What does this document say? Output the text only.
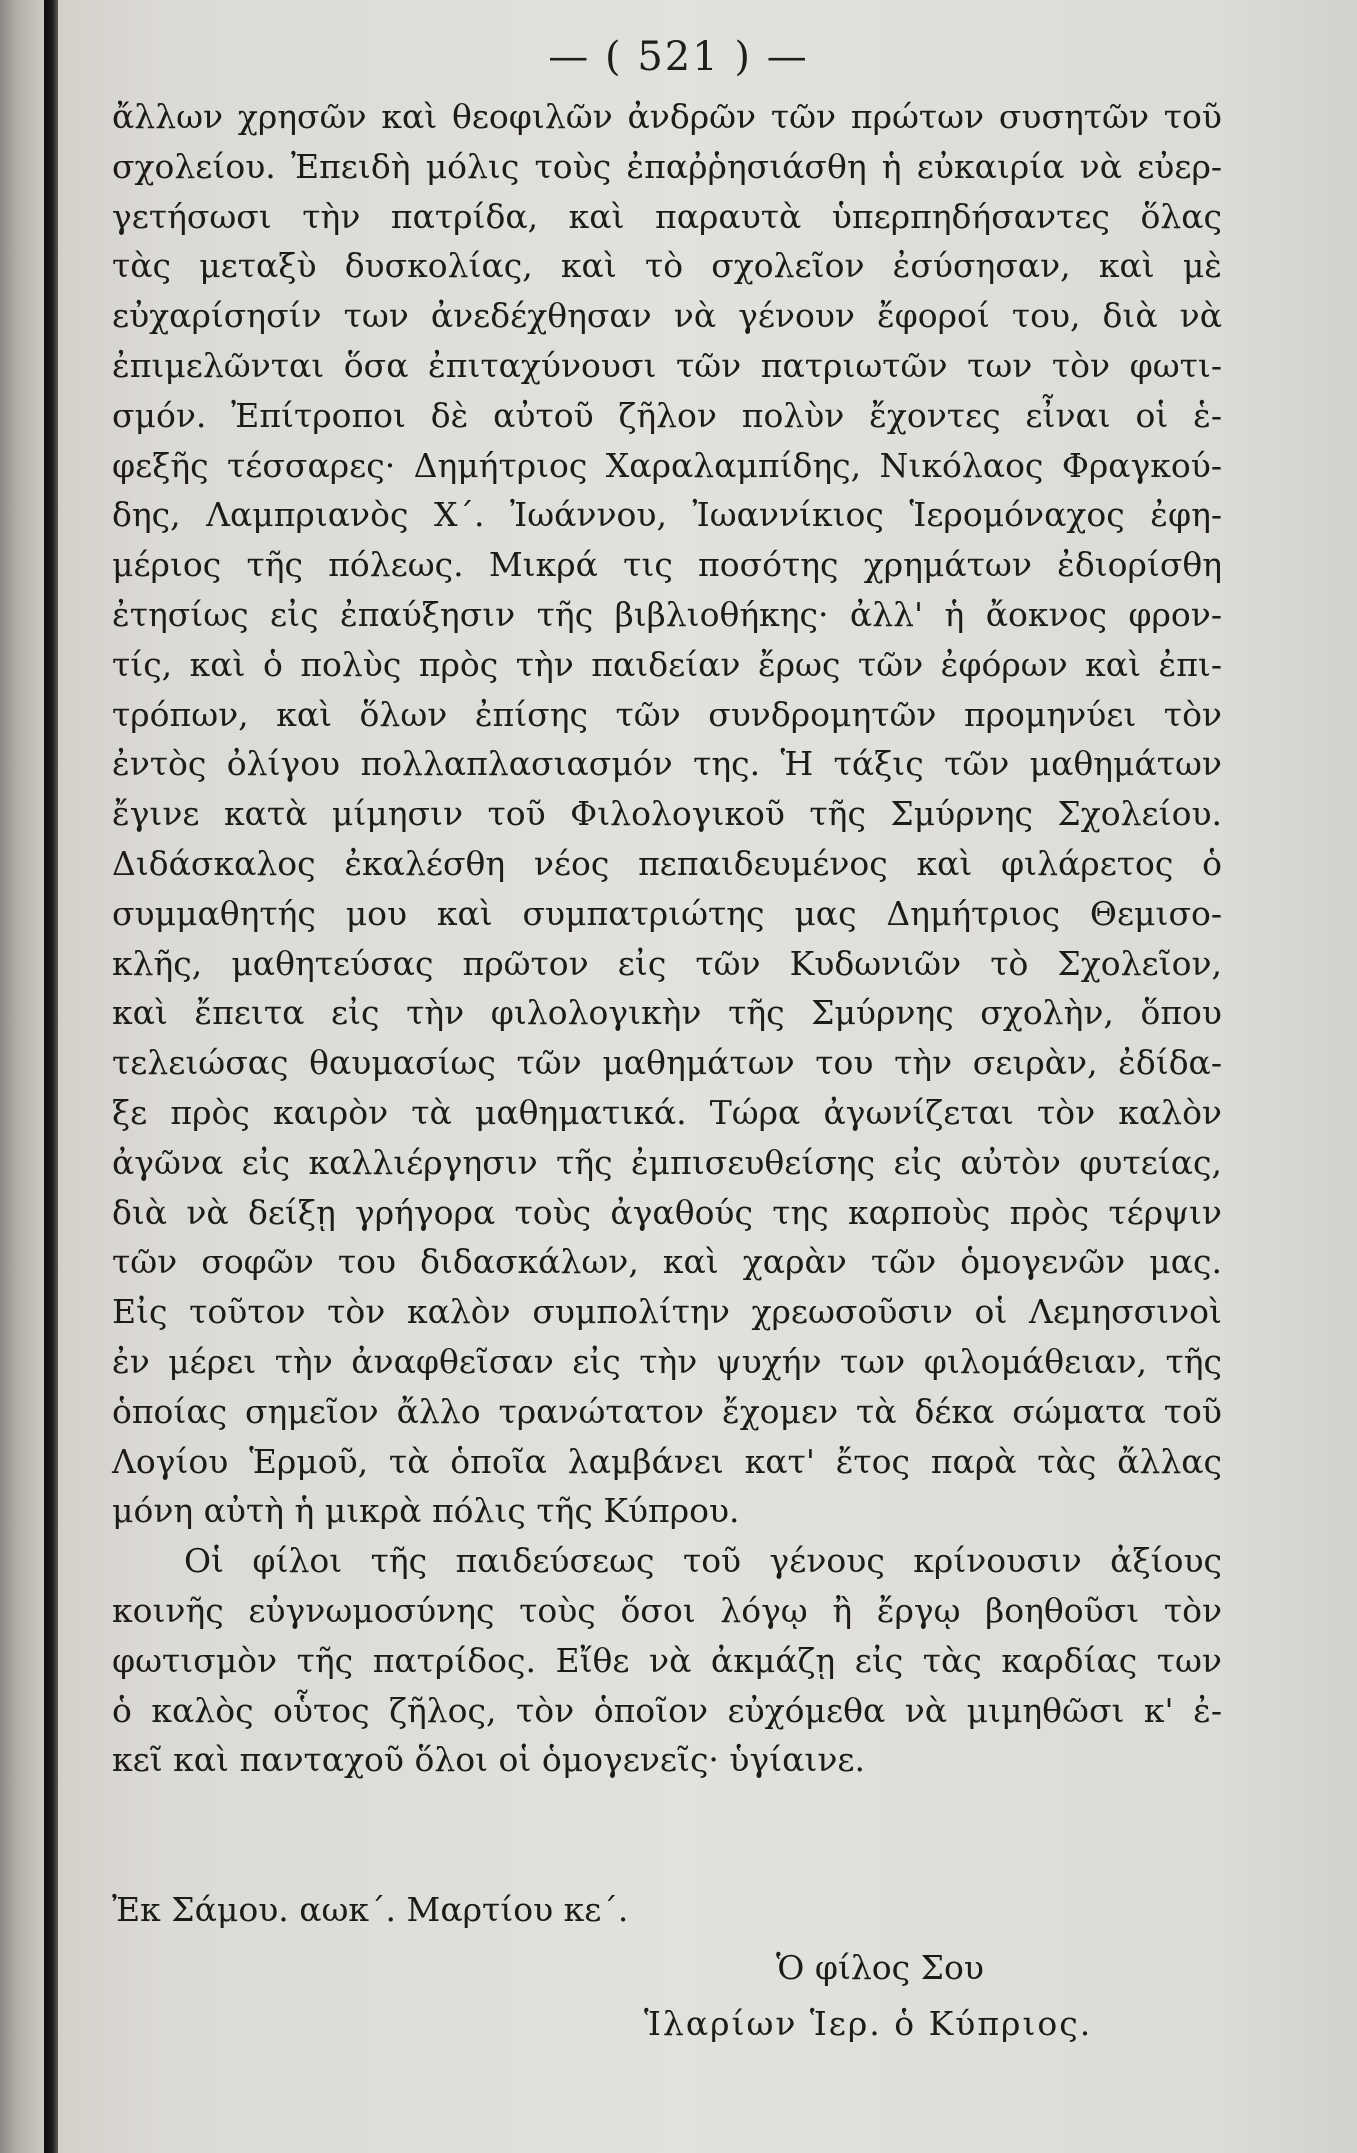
— ( 521 ) —
ἄλλων χρησῶν καὶ θεοφιλῶν ἀνδρῶν τῶν πρώτων συσητῶν τοῦ
σχολείου. Ἐπειδὴ μόλις τοὺς ἐπαῤῥησιάσθη ἡ εὐκαιρία νὰ εὐερ-
γετήσωσι τὴν πατρίδα, καὶ παραυτὰ ὑπερπηδήσαντες ὅλας
τὰς μεταξὺ δυσκολίας, καὶ τὸ σχολεῖον ἐσύσησαν, καὶ μὲ
εὐχαρίσησίν των ἀνεδέχθησαν νὰ γένουν ἔφοροί του, διὰ νὰ
ἐπιμελῶνται ὅσα ἐπιταχύνουσι τῶν πατριωτῶν των τὸν φωτι-
σμόν. Ἐπίτροποι δὲ αὐτοῦ ζῆλον πολὺν ἔχοντες εἶναι οἱ ἑ-
φεξῆς τέσσαρες· Δημήτριος Χαραλαμπίδης, Νικόλαος Φραγκού-
δης, Λαμπριανὸς Χ΄. Ἰωάννου, Ἰωαννίκιος Ἱερομόναχος ἐφη-
μέριος τῆς πόλεως. Μικρά τις ποσότης χρημάτων ἐδιορίσθη
ἐτησίως εἰς ἐπαύξησιν τῆς βιβλιοθήκης· ἀλλ' ἡ ἄοκνος φρον-
τίς, καὶ ὁ πολὺς πρὸς τὴν παιδείαν ἔρως τῶν ἐφόρων καὶ ἐπι-
τρόπων, καὶ ὅλων ἐπίσης τῶν συνδρομητῶν προμηνύει τὸν
ἐντὸς ὀλίγου πολλαπλασιασμόν της. Ἡ τάξις τῶν μαθημάτων
ἔγινε κατὰ μίμησιν τοῦ Φιλολογικοῦ τῆς Σμύρνης Σχολείου.
Διδάσκαλος ἐκαλέσθη νέος πεπαιδευμένος καὶ φιλάρετος ὁ
συμμαθητής μου καὶ συμπατριώτης μας Δημήτριος Θεμισο-
κλῆς, μαθητεύσας πρῶτον εἰς τῶν Κυδωνιῶν τὸ Σχολεῖον,
καὶ ἔπειτα εἰς τὴν φιλολογικὴν τῆς Σμύρνης σχολὴν, ὅπου
τελειώσας θαυμασίως τῶν μαθημάτων του τὴν σειρὰν, ἐδίδα-
ξε πρὸς καιρὸν τὰ μαθηματικά. Τώρα ἀγωνίζεται τὸν καλὸν
ἀγῶνα εἰς καλλιέργησιν τῆς ἐμπισευθείσης εἰς αὐτὸν φυτείας,
διὰ νὰ δείξῃ γρήγορα τοὺς ἀγαθούς της καρποὺς πρὸς τέρψιν
τῶν σοφῶν του διδασκάλων, καὶ χαρὰν τῶν ὁμογενῶν μας.
Εἰς τοῦτον τὸν καλὸν συμπολίτην χρεωσοῦσιν οἱ Λεμησσινοὶ
ἐν μέρει τὴν ἀναφθεῖσαν εἰς τὴν ψυχήν των φιλομάθειαν, τῆς
ὁποίας σημεῖον ἄλλο τρανώτατον ἔχομεν τὰ δέκα σώματα τοῦ
Λογίου Ἑρμοῦ, τὰ ὁποῖα λαμβάνει κατ' ἔτος παρὰ τὰς ἄλλας
μόνη αὐτὴ ἡ μικρὰ πόλις τῆς Κύπρου.
Οἱ φίλοι τῆς παιδεύσεως τοῦ γένους κρίνουσιν ἀξίους
κοινῆς εὐγνωμοσύνης τοὺς ὅσοι λόγῳ ἢ ἔργῳ βοηθοῦσι τὸν
φωτισμὸν τῆς πατρίδος. Εἴθε νὰ ἀκμάζῃ εἰς τὰς καρδίας των
ὁ καλὸς οὗτος ζῆλος, τὸν ὁποῖον εὐχόμεθα νὰ μιμηθῶσι κ' ἐ-
κεῖ καὶ πανταχοῦ ὅλοι οἱ ὁμογενεῖς· ὑγίαινε.
Ἐκ Σάμου. αωκ΄. Μαρτίου κε΄.
Ὁ φίλος Σου
Ἱλαρίων Ἱερ. ὁ Κύπριος.
